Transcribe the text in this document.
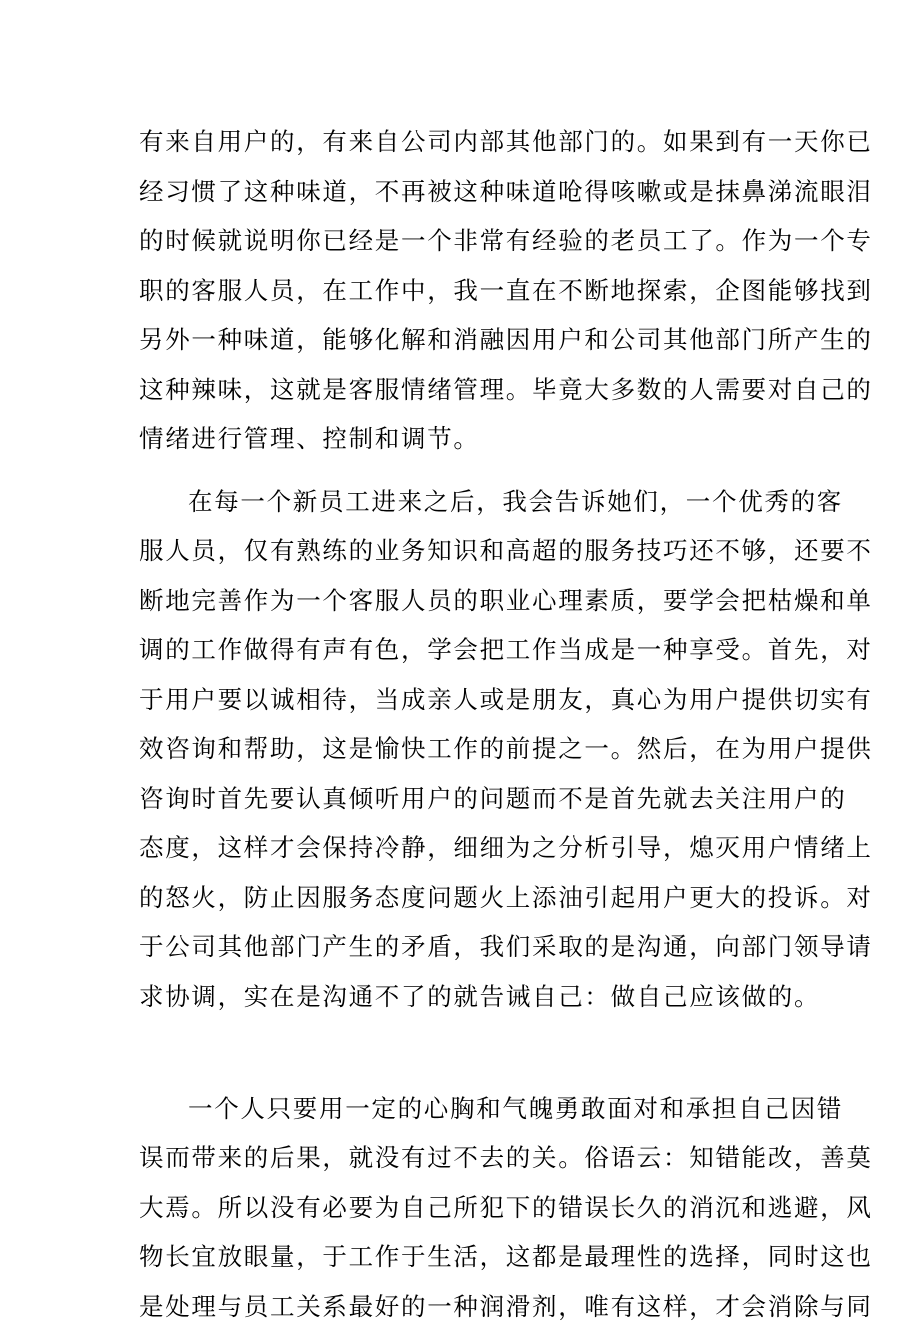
有来自用户的，有来自公司内部其他部门的。如果到有一天你已
经习惯了这种味道，不再被这种味道呛得咳嗽或是抹鼻涕流眼泪
的时候就说明你已经是一个非常有经验的老员工了。作为一个专
职的客服人员，在工作中，我一直在不断地探索，企图能够找到
另外一种味道，能够化解和消融因用户和公司其他部门所产生的
这种辣味，这就是客服情绪管理。毕竟大多数的人需要对自己的
情绪进行管理、控制和调节。
在每一个新员工进来之后，我会告诉她们，一个优秀的客
服人员，仅有熟练的业务知识和高超的服务技巧还不够，还要不
断地完善作为一个客服人员的职业心理素质，要学会把枯燥和单
调的工作做得有声有色，学会把工作当成是一种享受。首先，对
于用户要以诚相待，当成亲人或是朋友，真心为用户提供切实有
效咨询和帮助，这是愉快工作的前提之一。然后，在为用户提供
咨询时首先要认真倾听用户的问题而不是首先就去关注用户的
态度，这样才会保持冷静，细细为之分析引导，熄灭用户情绪上
的怒火，防止因服务态度问题火上添油引起用户更大的投诉。对
于公司其他部门产生的矛盾，我们采取的是沟通，向部门领导请
求协调，实在是沟通不了的就告诫自己：做自己应该做的。
一个人只要用一定的心胸和气魄勇敢面对和承担自己因错
误而带来的后果，就没有过不去的关。俗语云：知错能改，善莫
大焉。所以没有必要为自己所犯下的错误长久的消沉和逃避，风
物长宜放眼量，于工作于生活，这都是最理性的选择，同时这也
是处理与员工关系最好的一种润滑剂，唯有这样，才会消除与同
